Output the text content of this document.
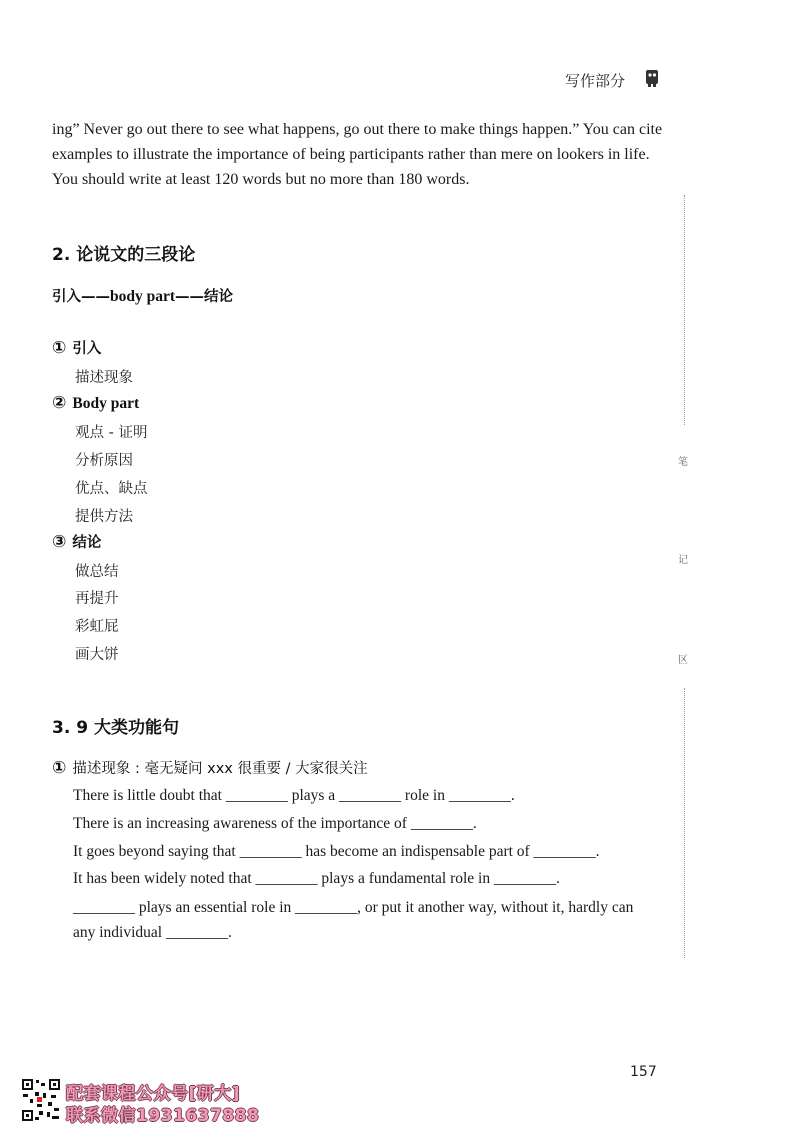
写作部分
ing” Never go out there to see what happens, go out there to make things happen.” You can cite
examples to illustrate the importance of being participants rather than mere on lookers in life.
You should write at least 120 words but no more than 180 words.
笔
记
区
2. 论说文的三段论
引入——body part——结论
① 引入
描述现象
② Body part
观点 - 证明
分析原因
优点、缺点
提供方法
③ 结论
做总结
再提升
彩虹屁
画大饼
3. 9 大类功能句
① 描述现象 : 毫无疑问 xxx 很重要 / 大家很关注
There is little doubt that ________ plays a ________ role in ________.
There is an increasing awareness of the importance of ________.
It goes beyond saying that ________ has become an indispensable part of ________.
It has been widely noted that ________ plays a fundamental role in ________.
________ plays an essential role in ________, or put it another way, without it, hardly can
any individual ________.
157
配套课程公众号[研大]
联系微信1931637888
